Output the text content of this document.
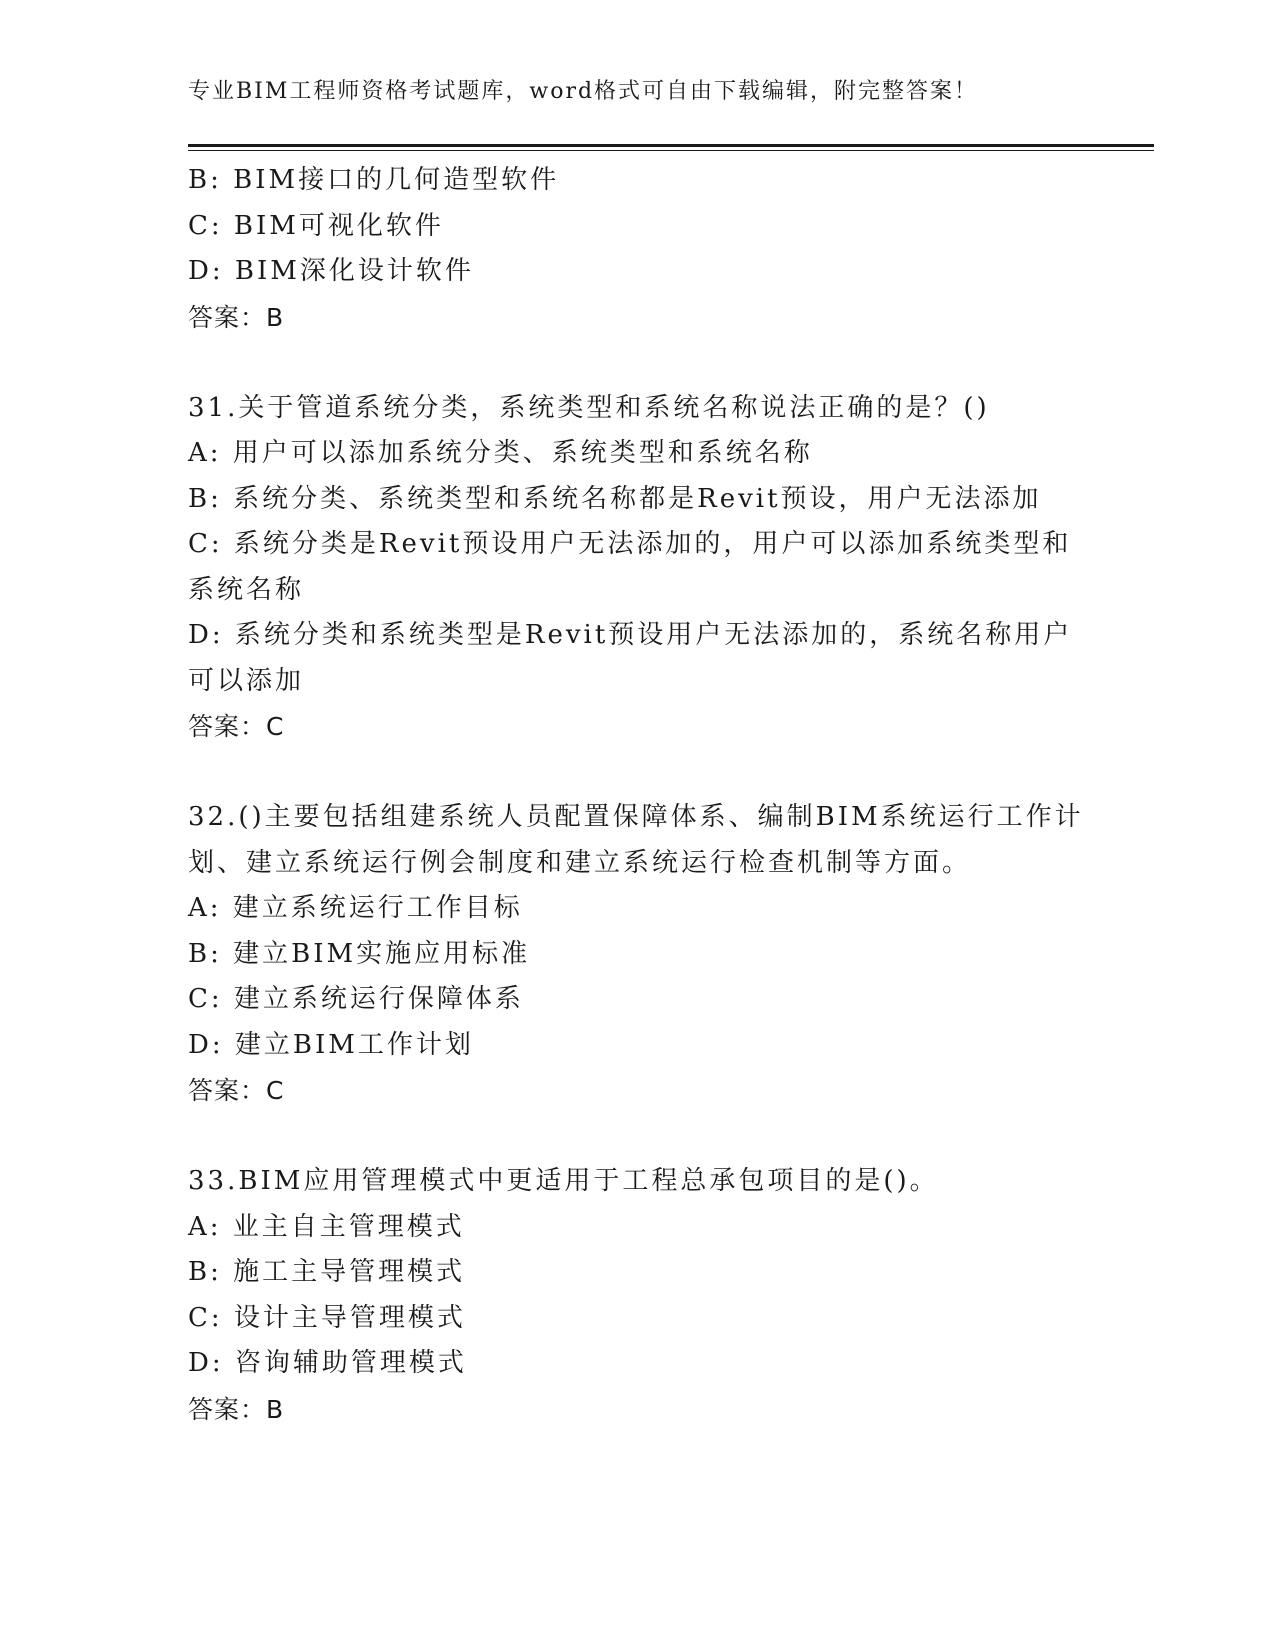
专业BIM工程师资格考试题库，word格式可自由下载编辑，附完整答案！
B: BIM接口的几何造型软件
C: BIM可视化软件
D: BIM深化设计软件
答案：B
31.关于管道系统分类，系统类型和系统名称说法正确的是？()
A: 用户可以添加系统分类、系统类型和系统名称
B: 系统分类、系统类型和系统名称都是Revit预设，用户无法添加
C: 系统分类是Revit预设用户无法添加的，用户可以添加系统类型和
系统名称
D: 系统分类和系统类型是Revit预设用户无法添加的，系统名称用户
可以添加
答案：C
32.()主要包括组建系统人员配置保障体系、编制BIM系统运行工作计
划、建立系统运行例会制度和建立系统运行检查机制等方面。
A: 建立系统运行工作目标
B: 建立BIM实施应用标准
C: 建立系统运行保障体系
D: 建立BIM工作计划
答案：C
33.BIM应用管理模式中更适用于工程总承包项目的是()。
A: 业主自主管理模式
B: 施工主导管理模式
C: 设计主导管理模式
D: 咨询辅助管理模式
答案：B
